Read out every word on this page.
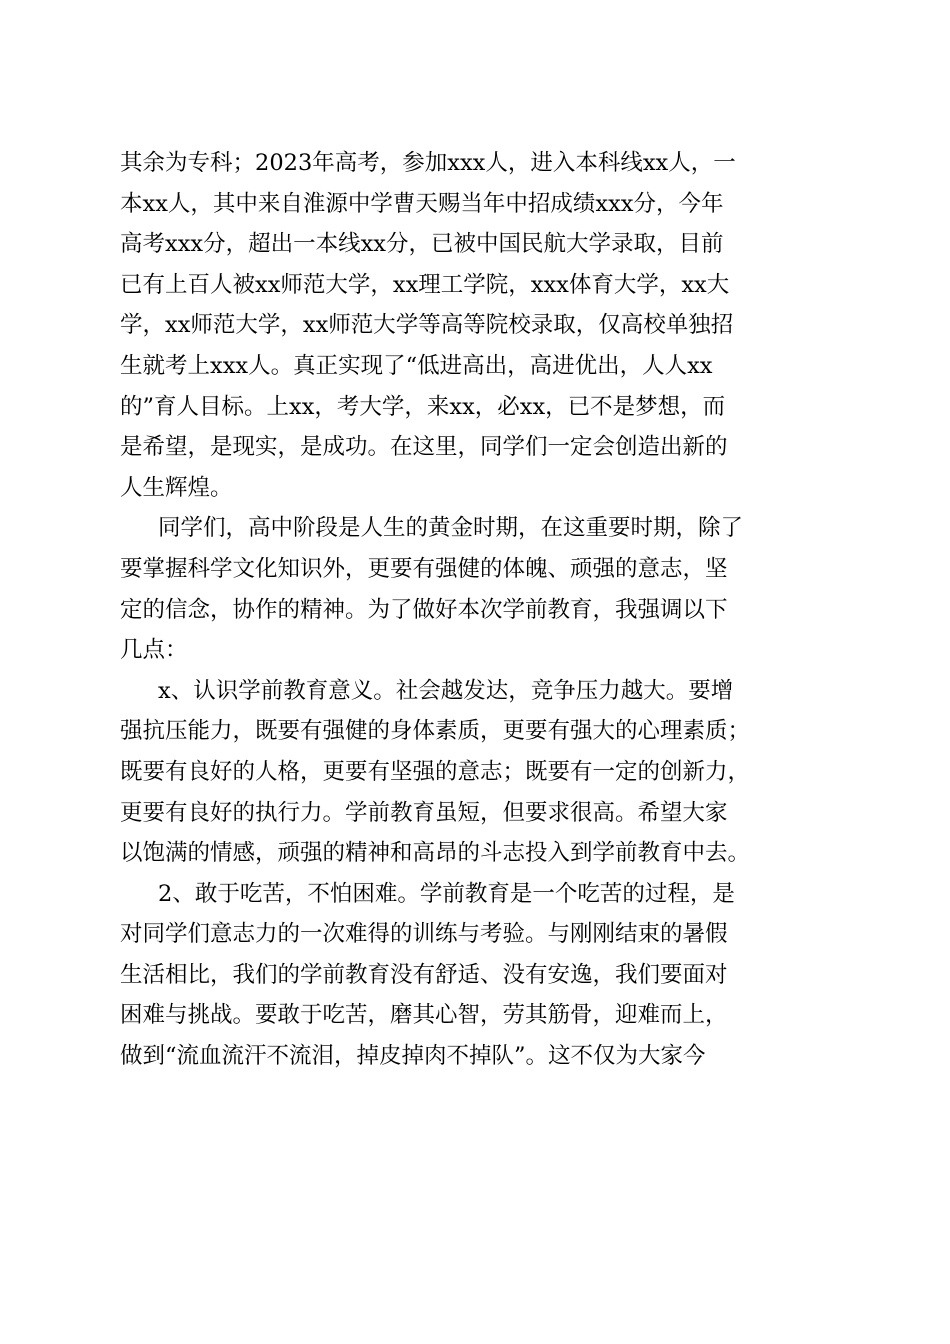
其余为专科；2023年高考，参加xxx人，进入本科线xx人，一
本xx人，其中来自淮源中学曹天赐当年中招成绩xxx分，今年
高考xxx分，超出一本线xx分，已被中国民航大学录取，目前
已有上百人被xx师范大学，xx理工学院，xxx体育大学，xx大
学，xx师范大学，xx师范大学等高等院校录取，仅高校单独招
生就考上xxx人。真正实现了“低进高出，高进优出，人人xx
的”育人目标。上xx，考大学，来xx，必xx，已不是梦想，而
是希望，是现实，是成功。在这里，同学们一定会创造出新的
人生辉煌。
同学们，高中阶段是人生的黄金时期，在这重要时期，除了
要掌握科学文化知识外，更要有强健的体魄、顽强的意志，坚
定的信念，协作的精神。为了做好本次学前教育，我强调以下
几点：
x、认识学前教育意义。社会越发达，竞争压力越大。要增
强抗压能力，既要有强健的身体素质，更要有强大的心理素质；
既要有良好的人格，更要有坚强的意志；既要有一定的创新力，
更要有良好的执行力。学前教育虽短，但要求很高。希望大家
以饱满的情感，顽强的精神和高昂的斗志投入到学前教育中去。
2、敢于吃苦，不怕困难。学前教育是一个吃苦的过程，是
对同学们意志力的一次难得的训练与考验。与刚刚结束的暑假
生活相比，我们的学前教育没有舒适、没有安逸，我们要面对
困难与挑战。要敢于吃苦，磨其心智，劳其筋骨，迎难而上，
做到“流血流汗不流泪，掉皮掉肉不掉队”。这不仅为大家今
